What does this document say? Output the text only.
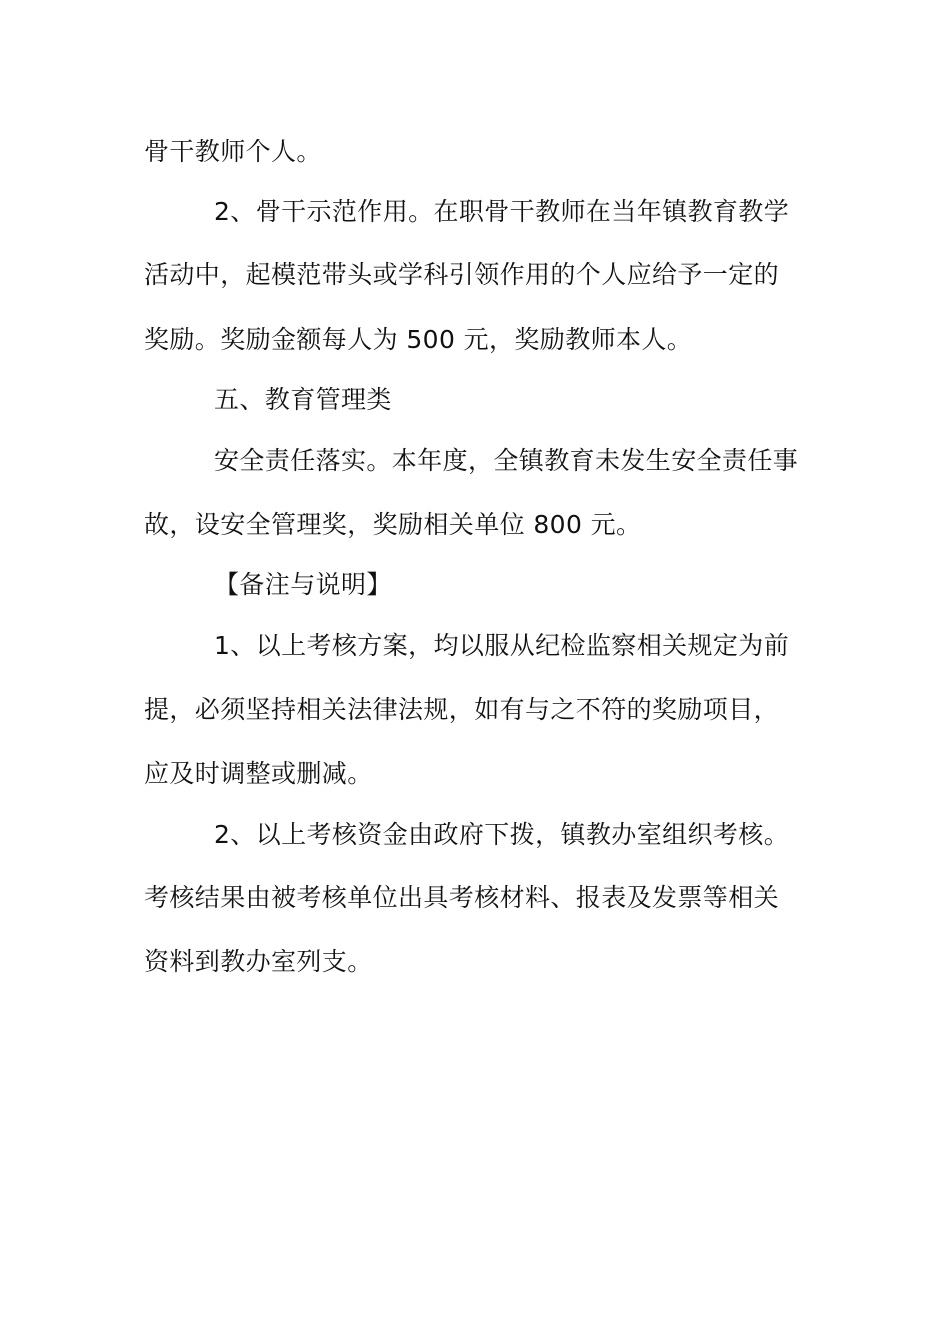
骨干教师个人。
2、骨干示范作用。在职骨干教师在当年镇教育教学
活动中，起模范带头或学科引领作用的个人应给予一定的
奖励。奖励金额每人为 500 元，奖励教师本人。
五、教育管理类
安全责任落实。本年度，全镇教育未发生安全责任事
故，设安全管理奖，奖励相关单位 800 元。
【备注与说明】
1、以上考核方案，均以服从纪检监察相关规定为前
提，必须坚持相关法律法规，如有与之不符的奖励项目，
应及时调整或删减。
2、以上考核资金由政府下拨，镇教办室组织考核。
考核结果由被考核单位出具考核材料、报表及发票等相关
资料到教办室列支。
